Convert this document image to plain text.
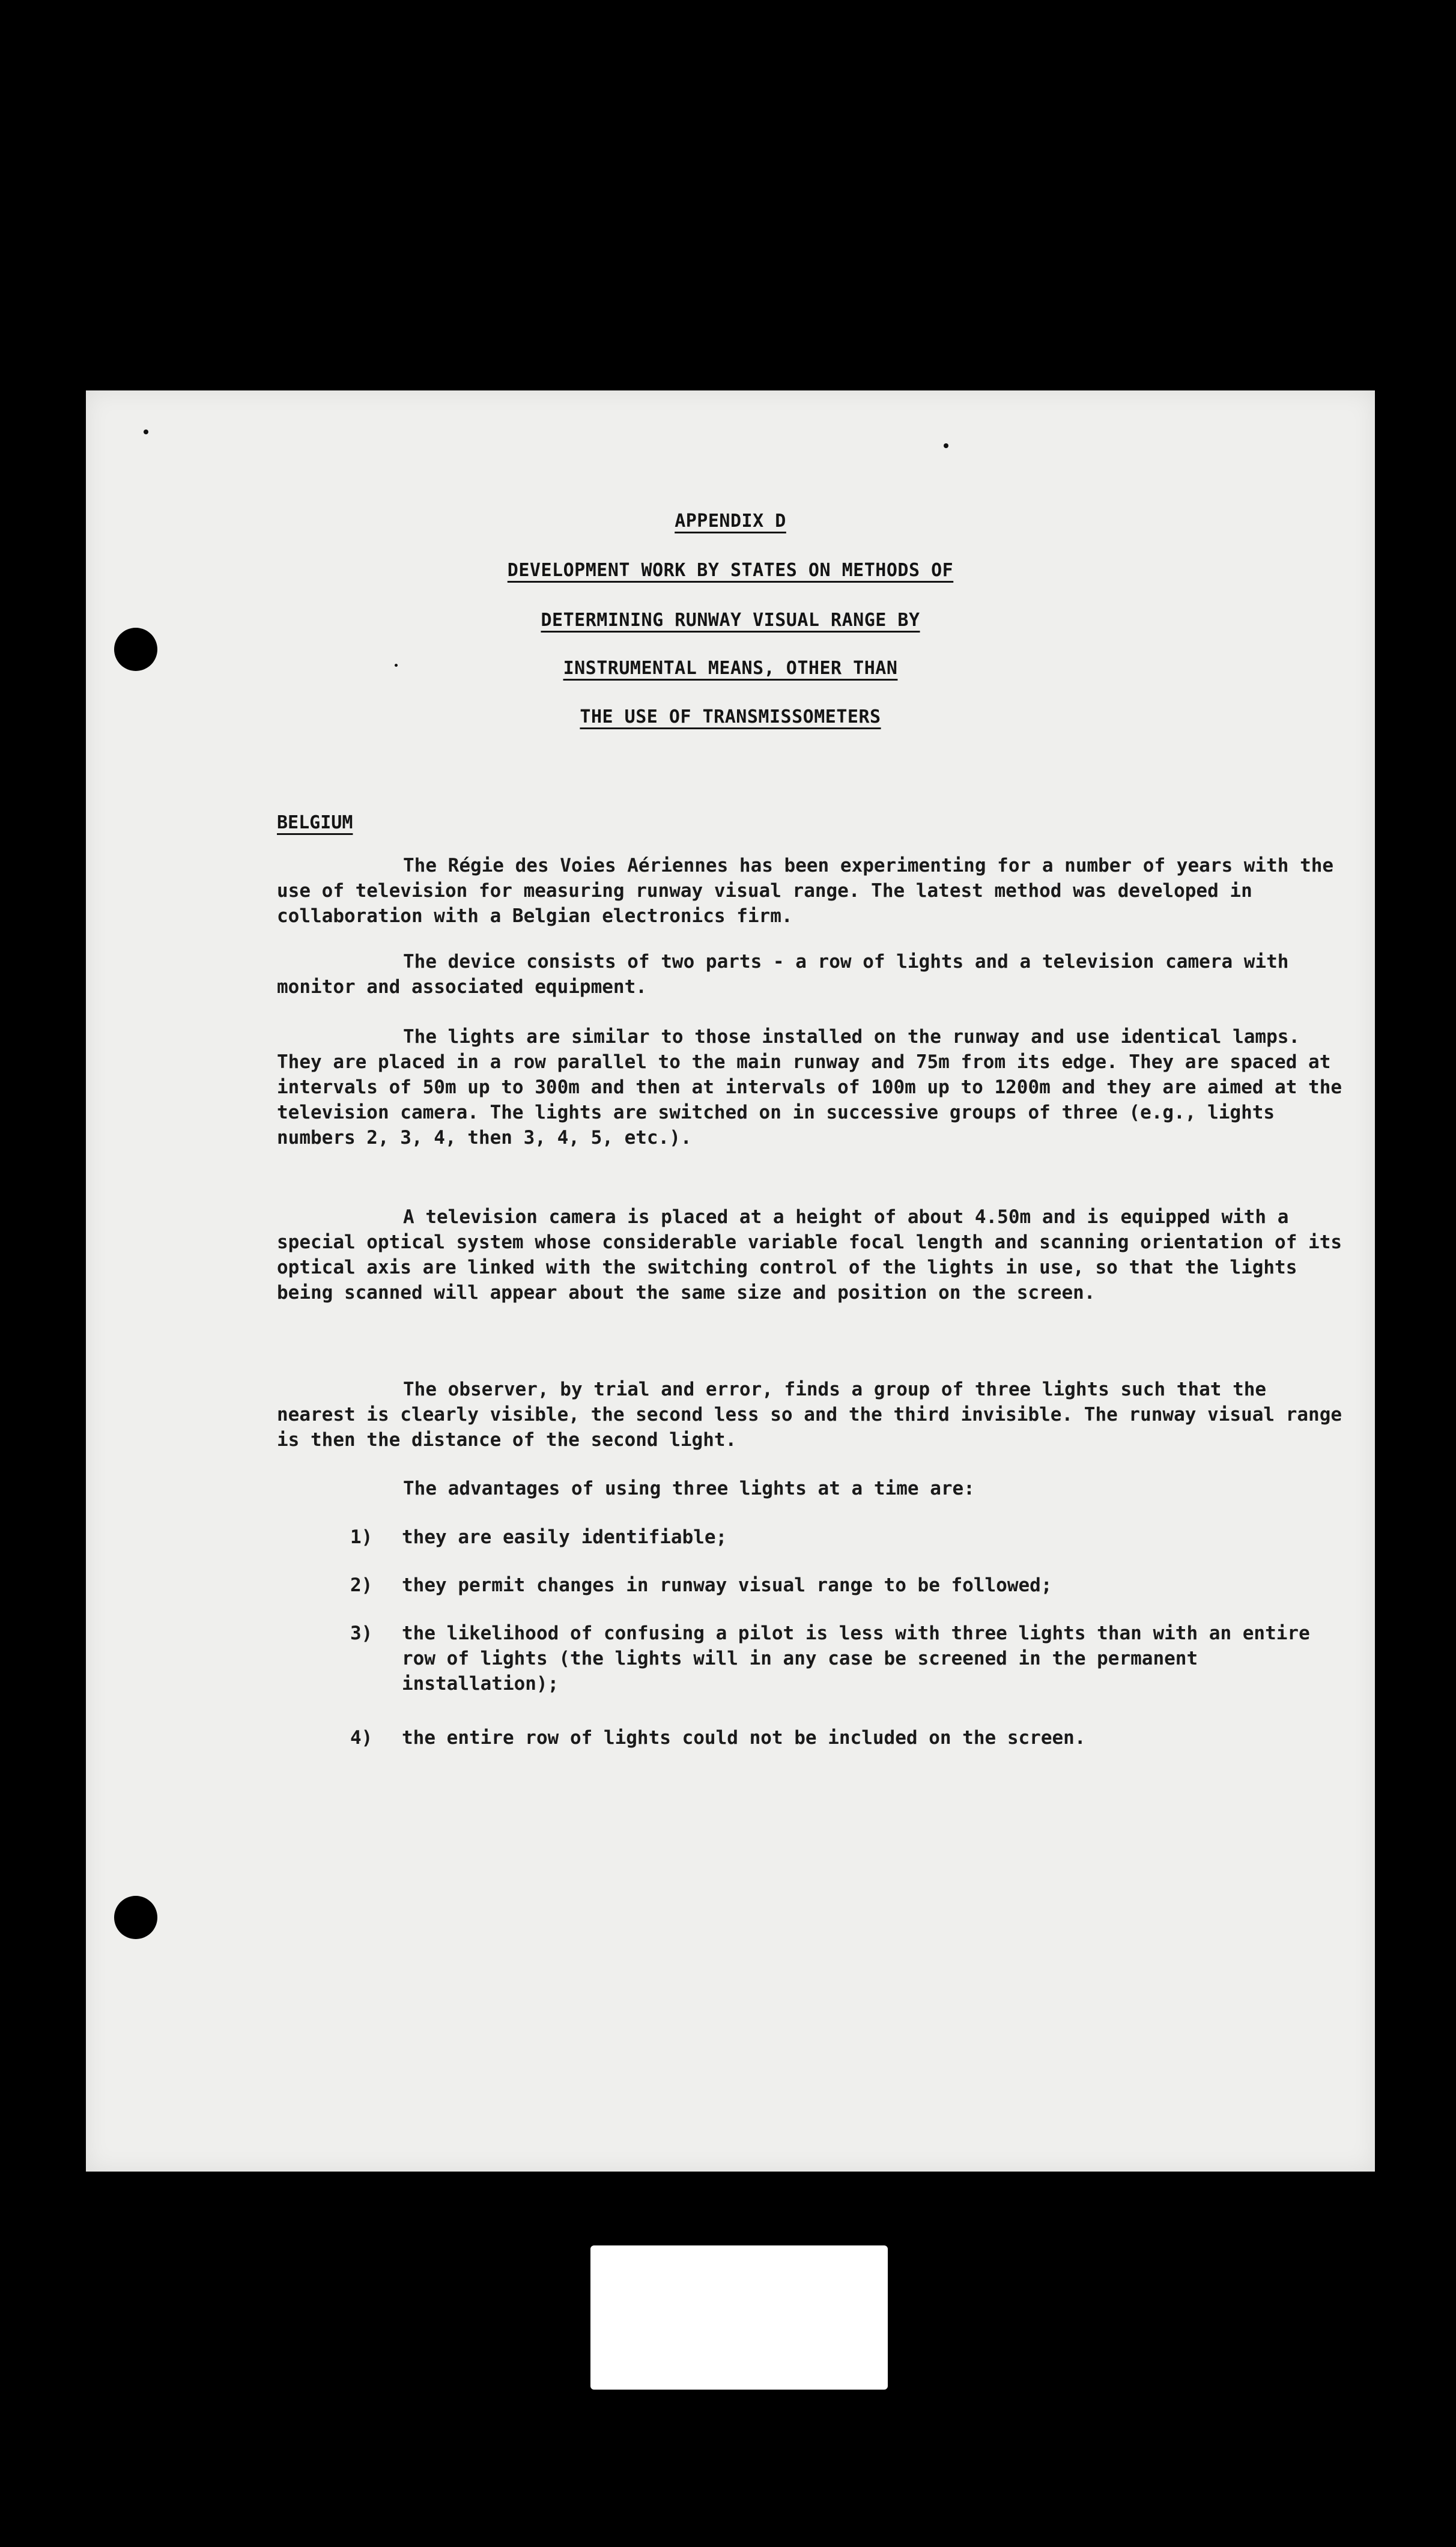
APPENDIX D
DEVELOPMENT WORK BY STATES ON METHODS OF
DETERMINING RUNWAY VISUAL RANGE BY
INSTRUMENTAL MEANS, OTHER THAN
THE USE OF TRANSMISSOMETERS
BELGIUM

The Régie des Voies Aériennes has been experimenting for a number of years with the use of television for measuring runway visual range. The latest method was developed in collaboration with a Belgian electronics firm.

The device consists of two parts - a row of lights and a television camera with monitor and associated equipment.

The lights are similar to those installed on the runway and use identical lamps. They are placed in a row parallel to the main runway and 75m from its edge. They are spaced at intervals of 50m up to 300m and then at intervals of 100m up to 1200m and they are aimed at the television camera. The lights are switched on in successive groups of three (e.g., lights numbers 2, 3, 4, then 3, 4, 5, etc.).

A television camera is placed at a height of about 4.50m and is equipped with a special optical system whose considerable variable focal length and scanning orientation of its optical axis are linked with the switching control of the lights in use, so that the lights being scanned will appear about the same size and position on the screen.

The observer, by trial and error, finds a group of three lights such that the nearest is clearly visible, the second less so and the third invisible. The runway visual range is then the distance of the second light.

The advantages of using three lights at a time are:

1)	they are easily identifiable;
2)	they permit changes in runway visual range to be followed;
3)	the likelihood of confusing a pilot is less with three lights than with an entire row of lights (the lights will in any case be screened in the permanent installation);
4)	the entire row of lights could not be included on the screen.
